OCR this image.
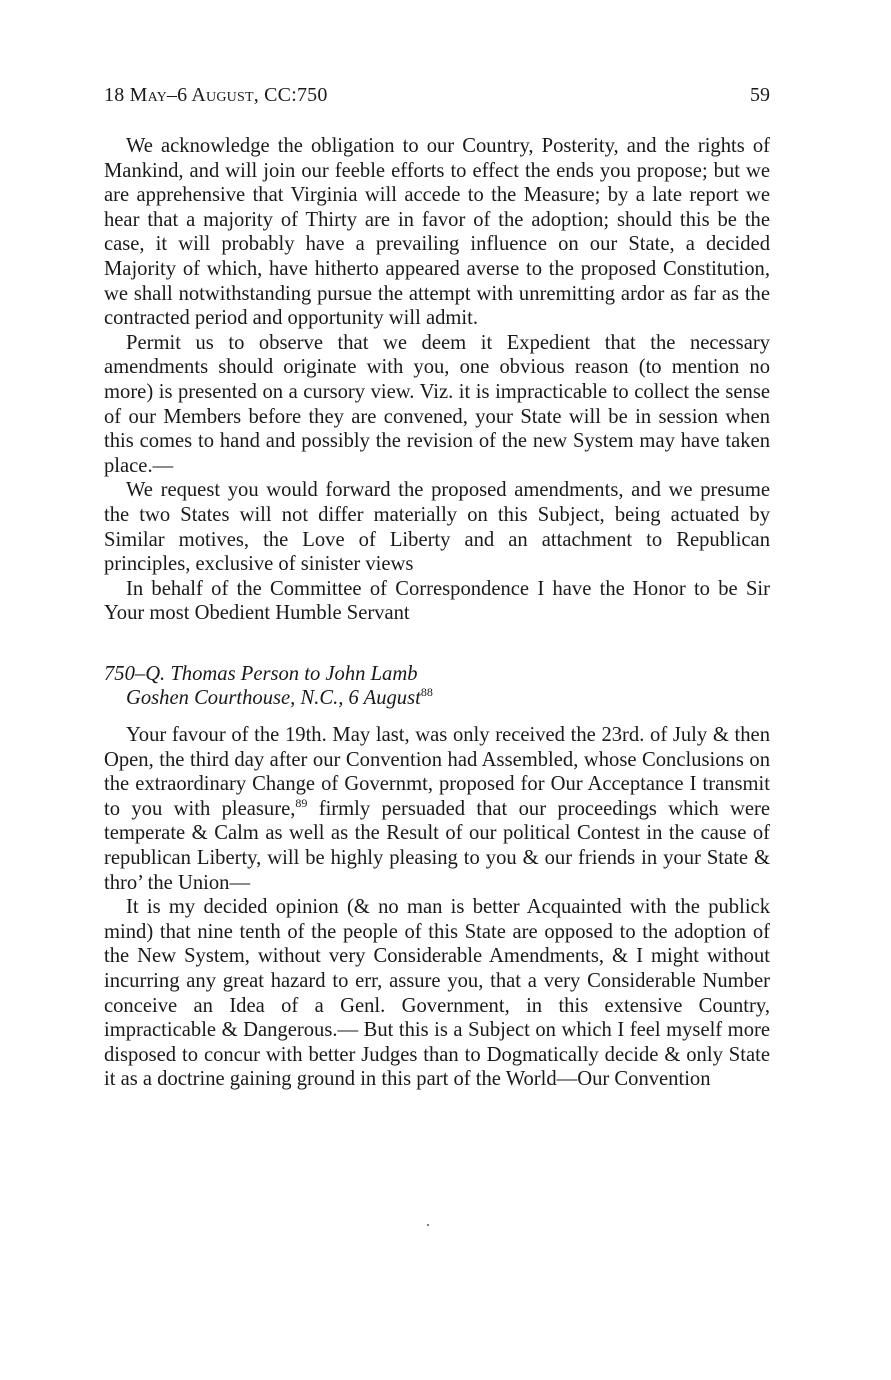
18 May–6 August, CC:750	59

We acknowledge the obligation to our Country, Posterity, and the rights of Mankind, and will join our feeble efforts to effect the ends you propose; but we are apprehensive that Virginia will accede to the Measure; by a late report we hear that a majority of Thirty are in favor of the adoption; should this be the case, it will probably have a prevailing influence on our State, a decided Majority of which, have hitherto appeared averse to the proposed Constitution, we shall notwithstanding pursue the attempt with unremitting ardor as far as the contracted period and opportunity will admit.

Permit us to observe that we deem it Expedient that the necessary amendments should originate with you, one obvious reason (to mention no more) is presented on a cursory view. Viz. it is impracticable to collect the sense of our Members before they are convened, your State will be in session when this comes to hand and possibly the revision of the new System may have taken place.—

We request you would forward the proposed amendments, and we presume the two States will not differ materially on this Subject, being actuated by Similar motives, the Love of Liberty and an attachment to Republican principles, exclusive of sinister views

In behalf of the Committee of Correspondence I have the Honor to be Sir Your most Obedient Humble Servant

750–Q. Thomas Person to John Lamb
Goshen Courthouse, N.C., 6 August$^{88}$

Your favour of the 19th. May last, was only received the 23rd. of July & then Open, the third day after our Convention had Assembled, whose Conclusions on the extraordinary Change of Governmt, proposed for Our Acceptance I transmit to you with pleasure,$^{89}$ firmly persuaded that our proceedings which were temperate & Calm as well as the Result of our political Contest in the cause of republican Liberty, will be highly pleasing to you & our friends in your State & thro’ the Union—

It is my decided opinion (& no man is better Acquainted with the publick mind) that nine tenth of the people of this State are opposed to the adoption of the New System, without very Considerable Amendments, & I might without incurring any great hazard to err, assure you, that a very Considerable Number conceive an Idea of a Genl. Government, in this extensive Country, impracticable & Dangerous.— But this is a Subject on which I feel myself more disposed to concur with better Judges than to Dogmatically decide & only State it as a doctrine gaining ground in this part of the World—Our Convention
